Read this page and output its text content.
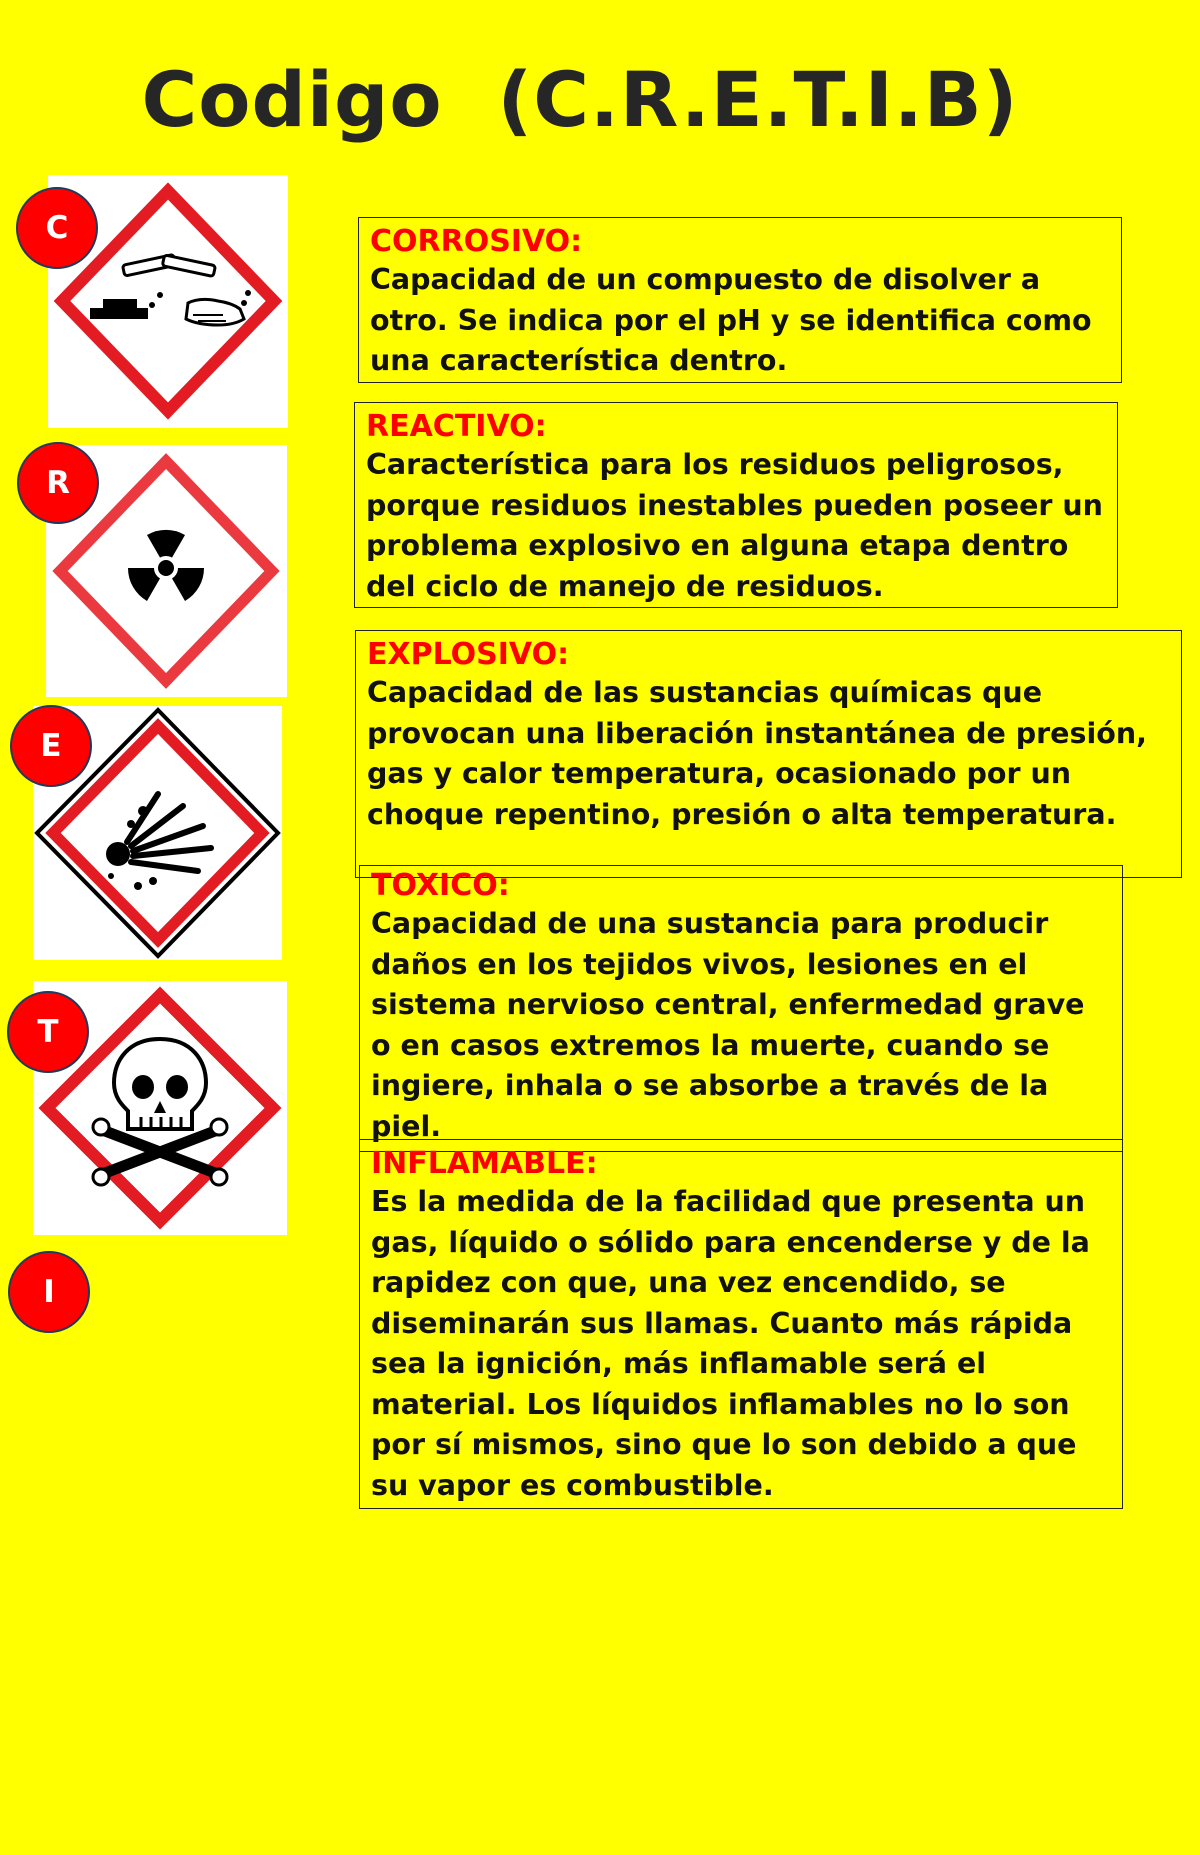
Codigo  (C.R.E.T.I.B)
C
R
E
T
I
CORROSIVO:
Capacidad de un compuesto de disolver a otro. Se indica por el pH y se identifica como una característica dentro.
REACTIVO:
Característica para los residuos peligrosos, porque residuos inestables pueden poseer un problema explosivo en alguna etapa dentro del ciclo de manejo de residuos.
EXPLOSIVO:
Capacidad de las sustancias químicas que provocan una liberación instantánea de presión, gas y calor temperatura, ocasionado por un choque repentino, presión o alta temperatura.
TOXICO:
Capacidad de una sustancia para producir daños en los tejidos vivos, lesiones en el sistema nervioso central, enfermedad grave o en casos extremos la muerte, cuando se ingiere, inhala o se absorbe a través de la piel.
INFLAMABLE:
Es la medida de la facilidad que presenta un gas, líquido o sólido para encenderse y de la rapidez con que, una vez encendido, se diseminarán sus llamas. Cuanto más rápida sea la ignición, más inflamable será el material. Los líquidos inflamables no lo son por sí mismos, sino que lo son debido a que su vapor es combustible.
